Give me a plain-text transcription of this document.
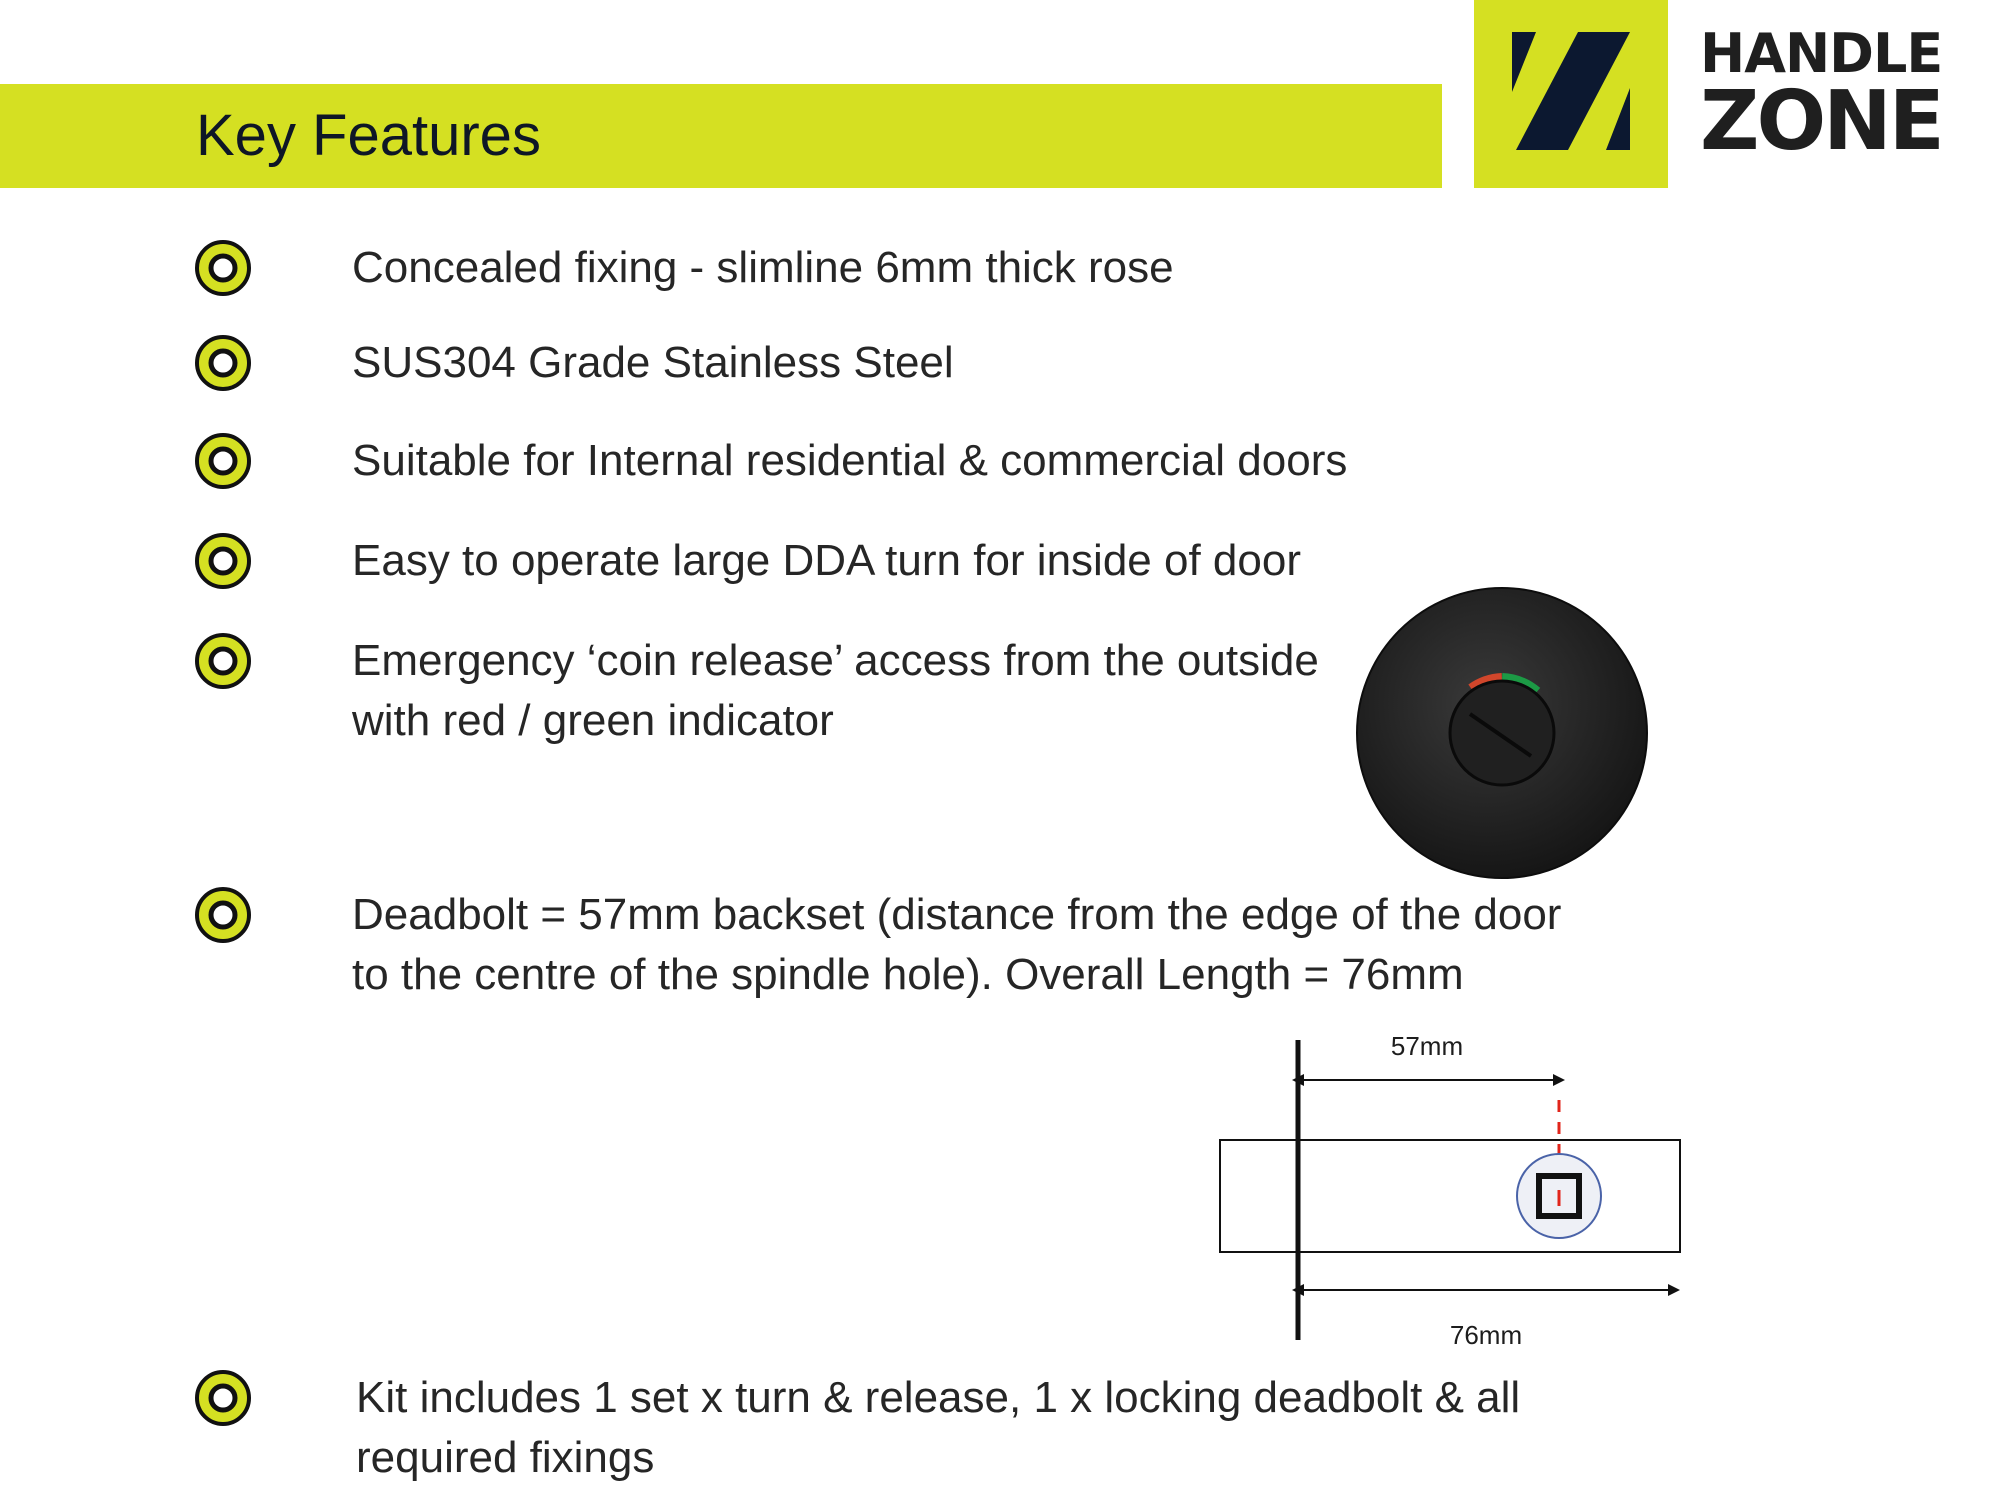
Key Features
HANDLE
ZONE
Concealed fixing - slimline 6mm thick rose
SUS304 Grade Stainless Steel
Suitable for Internal residential & commercial doors
Easy to operate large DDA turn for inside of door
Emergency ‘coin release’ access from the outside
with red / green indicator
Deadbolt = 57mm backset (distance from the edge of the door
to the centre of the spindle hole). Overall Length = 76mm
Kit includes 1 set x turn & release, 1 x locking deadbolt & all
required fixings
57mm
76mm
